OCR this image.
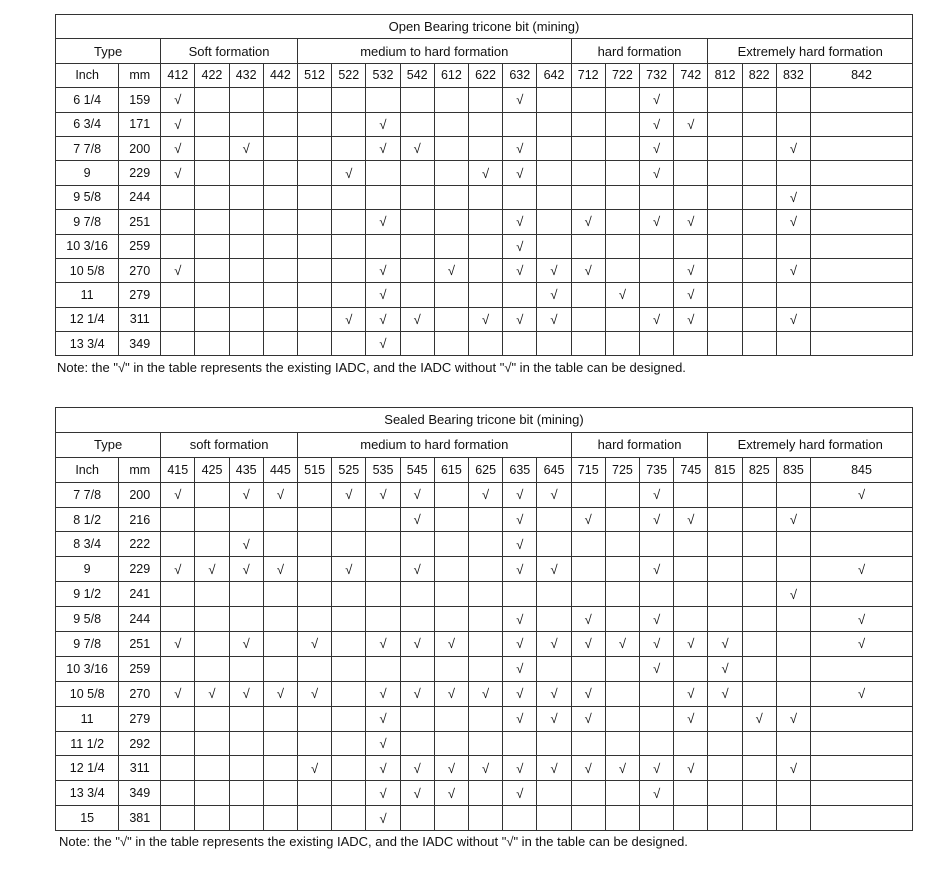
Open Bearing tricone bit (mining)																					
Type		Soft formation				medium to hard formation								hard formation				Extremely hard formation			
Inch	mm	412	422	432	442	512	522	532	542	612	622	632	642	712	722	732	742	812	822	832	842
6 1/4	159	√										√				√					
6 3/4	171	√						√								√	√				
7 7/8	200	√		√				√	√			√				√				√	
9	229	√					√				√	√				√					
9 5/8	244																			√	
9 7/8	251							√				√		√		√	√			√	
10 3/16	259											√									
10 5/8	270	√						√		√		√	√	√			√			√	
11	279							√					√		√		√				
12 1/4	311						√	√	√		√	√	√			√	√			√	
13 3/4	349							√													
Note: the "√" in the table represents the existing IADC, and the IADC without "√" in the table can be designed.
Sealed Bearing tricone bit (mining)																					
Type		soft formation				medium to hard formation								hard formation				Extremely hard formation			
Inch	mm	415	425	435	445	515	525	535	545	615	625	635	645	715	725	735	745	815	825	835	845
7 7/8	200	√		√	√		√	√	√		√	√	√			√					√
8 1/2	216								√			√		√		√	√			√	
8 3/4	222			√								√									
9	229	√	√	√	√		√		√			√	√			√					√
9 1/2	241																			√	
9 5/8	244											√		√		√					√
9 7/8	251	√		√		√		√	√	√		√	√	√	√	√	√	√			√
10 3/16	259											√				√		√			
10 5/8	270	√	√	√	√	√		√	√	√	√	√	√	√			√	√			√
11	279							√				√	√	√			√		√	√	
11 1/2	292							√													
12 1/4	311					√		√	√	√	√	√	√	√	√	√	√			√	
13 3/4	349							√	√	√		√				√					
15	381							√													
Note: the "√" in the table represents the existing IADC, and the IADC without "√" in the table can be designed.
